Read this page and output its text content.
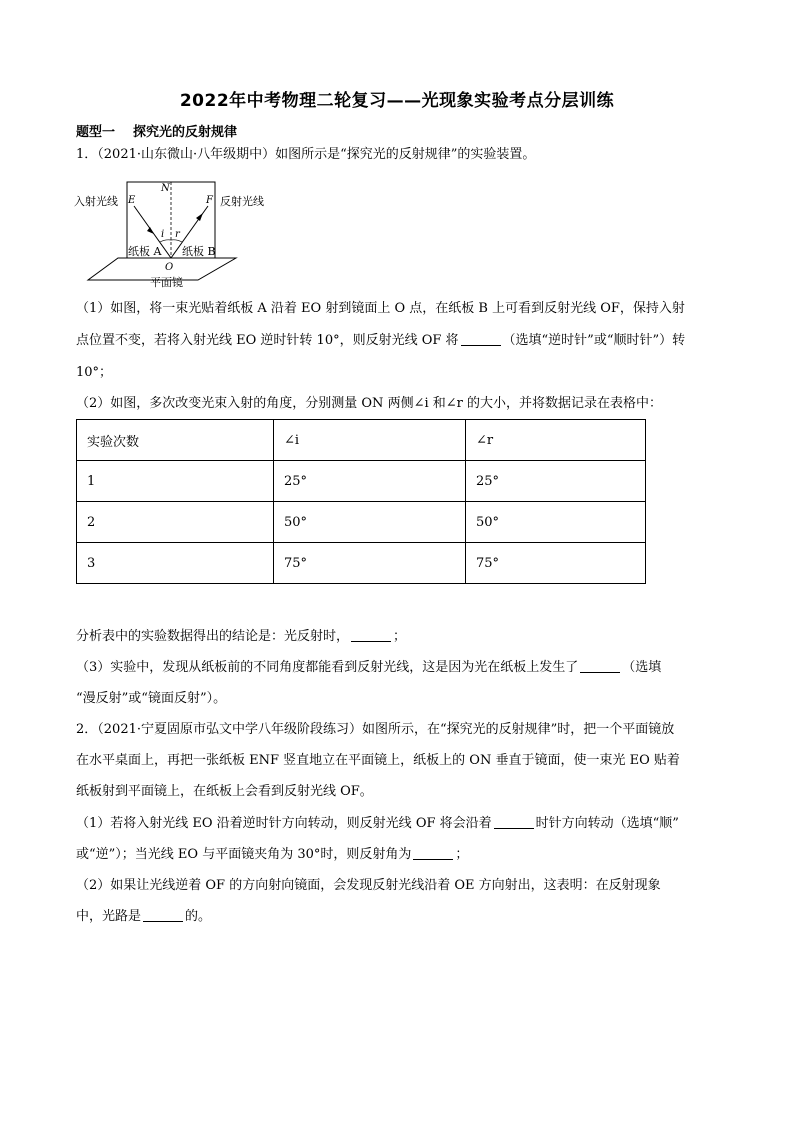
2022年中考物理二轮复习——光现象实验考点分层训练
题型一 探究光的反射规律
1．（2021·山东微山·八年级期中）如图所示是“探究光的反射规律”的实验装置。
入射光线	反射光线
E	F
N
O
i r
纸板 A 纸板 B
平面镜
（1）如图，将一束光贴着纸板 A 沿着 EO 射到镜面上 O 点，在纸板 B 上可看到反射光线 OF，保持入射
点位置不变，若将入射光线 EO 逆时针转 10°，则反射光线 OF 将	（选填“逆时针”或“顺时针”）转
10°；
（2）如图，多次改变光束入射的角度，分别测量 ON 两侧∠i 和∠r 的大小，并将数据记录在表格中：
实验次数	∠i	∠r
1	25°	25°
2	50°	50°
3	75°	75°
分析表中的实验数据得出的结论是：光反射时，	；
（3）实验中，发现从纸板前的不同角度都能看到反射光线，这是因为光在纸板上发生了	（选填
“漫反射”或“镜面反射”）。
2．（2021·宁夏固原市弘文中学八年级阶段练习）如图所示，在“探究光的反射规律”时，把一个平面镜放
在水平桌面上，再把一张纸板 ENF 竖直地立在平面镜上，纸板上的 ON 垂直于镜面，使一束光 EO 贴着
纸板射到平面镜上，在纸板上会看到反射光线 OF。
（1）若将入射光线 EO 沿着逆时针方向转动，则反射光线 OF 将会沿着	时针方向转动（选填“顺”
或“逆”）；当光线 EO 与平面镜夹角为 30°时，则反射角为	；
（2）如果让光线逆着 OF 的方向射向镜面，会发现反射光线沿着 OE 方向射出，这表明：在反射现象
中，光路是	的。
